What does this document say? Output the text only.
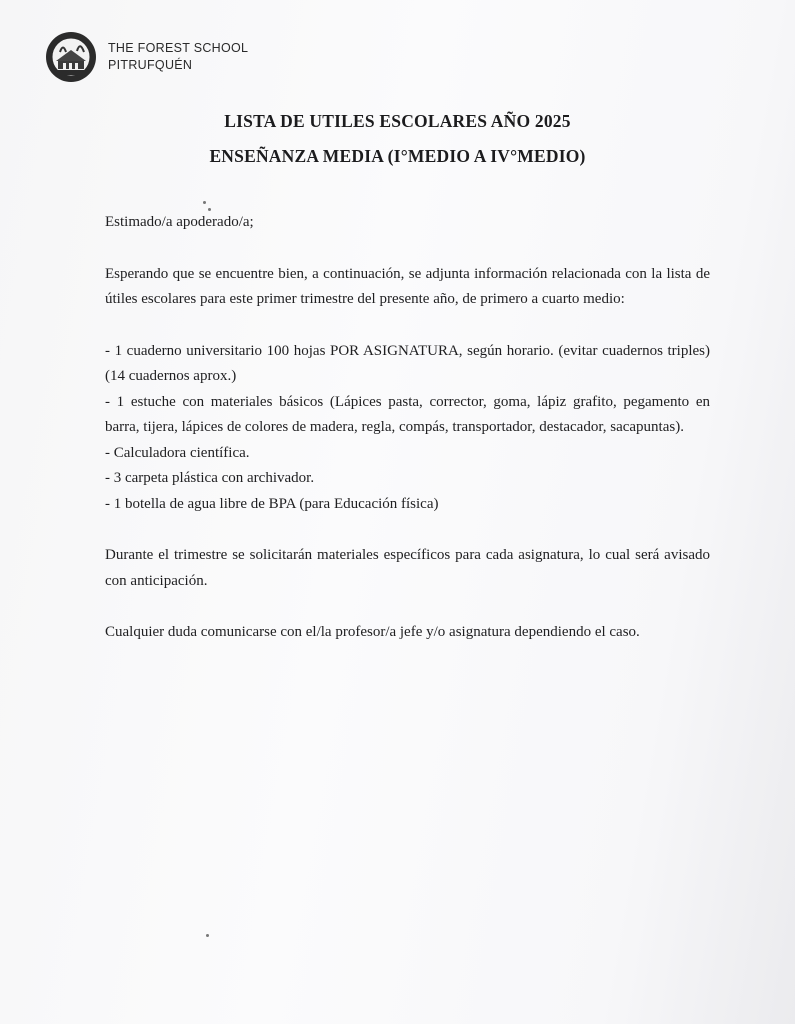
THE FOREST SCHOOL
PITRUFQUÉN
LISTA DE UTILES ESCOLARES AÑO 2025
ENSEÑANZA MEDIA (I°MEDIO A IV°MEDIO)

Estimado/a apoderado/a;

Esperando que se encuentre bien, a continuación, se adjunta información relacionada con la lista de útiles escolares para este primer trimestre del presente año, de primero a cuarto medio:

- 1 cuaderno universitario 100 hojas POR ASIGNATURA, según horario. (evitar cuadernos triples) (14 cuadernos aprox.)
- 1 estuche con materiales básicos (Lápices pasta, corrector, goma, lápiz grafito, pegamento en barra, tijera, lápices de colores de madera, regla, compás, transportador, destacador, sacapuntas).
- Calculadora científica.
- 3 carpeta plástica con archivador.
- 1 botella de agua libre de BPA (para Educación física)

Durante el trimestre se solicitarán materiales específicos para cada asignatura, lo cual será avisado con anticipación.

Cualquier duda comunicarse con el/la profesor/a jefe y/o asignatura dependiendo el caso.
